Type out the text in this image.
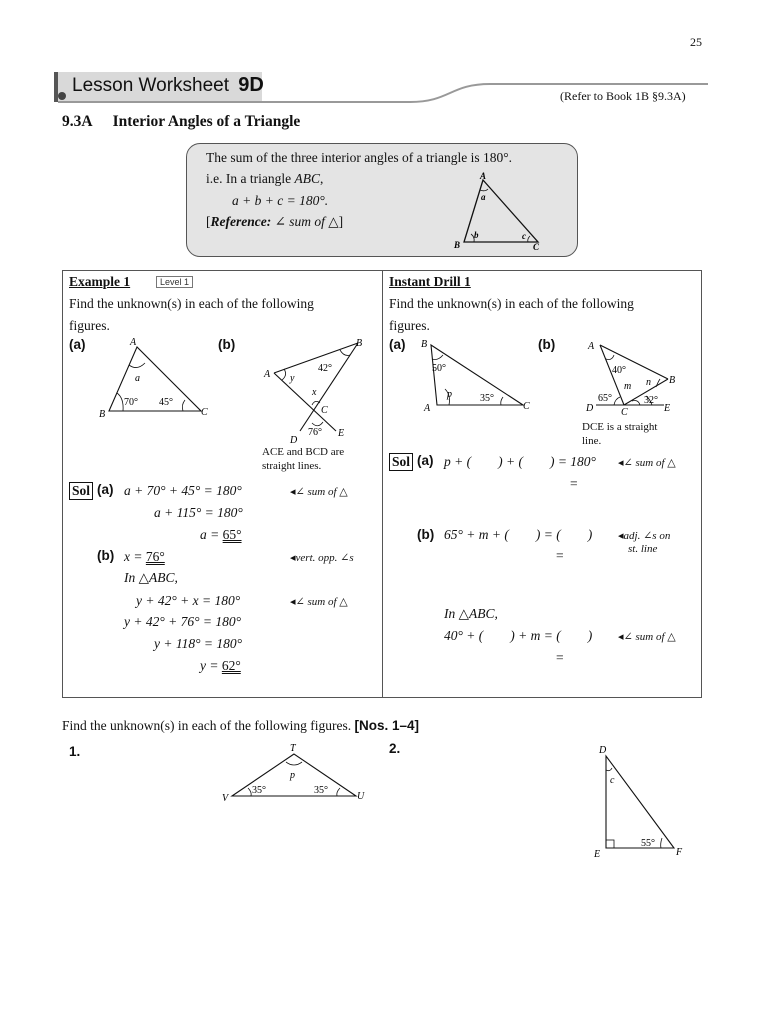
25
Lesson Worksheet 9D	(Refer to Book 1B §9.3A)
9.3A Interior Angles of a Triangle
The sum of the three interior angles of a triangle is 180°.
i.e. In a triangle ABC,
a + b + c = 180°.
[Reference: ∠ sum of △]
A
B	C
a
b	c
Example 1	Level 1
Find the unknown(s) in each of the following
figures.
(a)	(b)
A
B	C
a
70° 45°
A
B
C
D
E
x
y
42°
76°
ACE and BCD are
straight lines.
Sol (a) a + 70° + 45° = 180°	◂∠ sum of △
a + 115° = 180°
a = 65°
(b) x = 76°	◂vert. opp. ∠s
In △ABC,
y + 42° + x = 180°	◂∠ sum of △
y + 42° + 76° = 180°
y + 118° = 180°
y = 62°
Instant Drill 1
Find the unknown(s) in each of the following
figures.
(a)	(b)
B
A	C
p
50°
35°
A
B
C
D	E
m n
40°
65°	32°
DCE is a straight
line.
Sol (a) p + (        ) + (        ) = 180° ◂∠ sum of △
=
(b) 65° + m + (        ) = (        ) ◂adj. ∠s on
st. line
=
In △ABC,
40° + (        ) + m = (        ) ◂∠ sum of △
=
Find the unknown(s) in each of the following figures. [Nos. 1–4]
1.	T
V	U
p
35°	35°
2.	D
E	F
c
55°
